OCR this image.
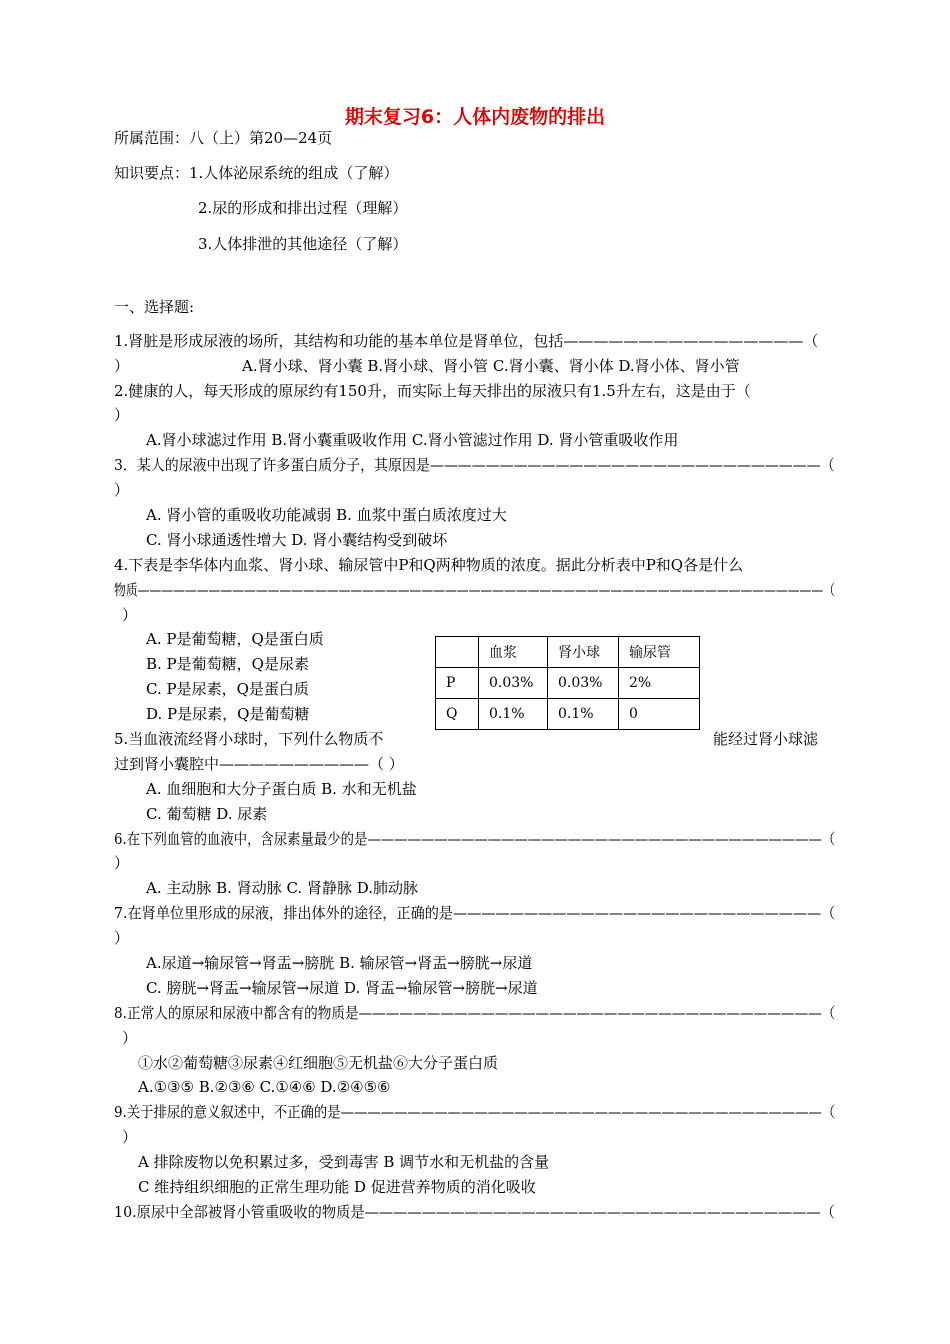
期末复习6：人体内废物的排出
所属范围：八（上）第20—24页
知识要点：1.人体泌尿系统的组成（了解）
2.尿的形成和排出过程（理解）
3.人体排泄的其他途径（了解）
一、选择题:
1.肾脏是形成尿液的场所，其结构和功能的基本单位是肾单位，包括————————————————（
）	A.肾小球、肾小囊 B.肾小球、肾小管 C.肾小囊、肾小体 D.肾小体、肾小管
2.健康的人，每天形成的原尿约有150升，而实际上每天排出的尿液只有1.5升左右，这是由于（
）
A.肾小球滤过作用 B.肾小囊重吸收作用 C.肾小管滤过作用 D. 肾小管重吸收作用
3．某人的尿液中出现了许多蛋白质分子，其原因是————————————————————————————（
）
A. 肾小管的重吸收功能减弱 B. 血浆中蛋白质浓度过大
C. 肾小球通透性增大 D. 肾小囊结构受到破坏
4.下表是李华体内血浆、肾小球、输尿管中P和Q两种物质的浓度。据此分析表中P和Q各是什么
物质——————————————————————————————————————————————————————————（
）
A. P是葡萄糖，Q是蛋白质
B. P是葡萄糖，Q是尿素
C. P是尿素，Q是蛋白质
D. P是尿素，Q是葡萄糖
	血浆	肾小球	输尿管
P	0.03%	0.03%	2%
Q	0.1%	0.1%	0
5.当血液流经肾小球时，下列什么物质不	能经过肾小球滤
过到肾小囊腔中——————————（ ）
A. 血细胞和大分子蛋白质 B. 水和无机盐
C. 葡萄糖 D. 尿素
6.在下列血管的血液中，含尿素量最少的是——————————————————————————————————（
）
A. 主动脉 B. 肾动脉 C. 肾静脉 D.肺动脉
7.在肾单位里形成的尿液，排出体外的途径，正确的是——————————————————————————（
）
A.尿道→输尿管→肾盂→膀胱 B. 输尿管→肾盂→膀胱→尿道
C. 膀胱→肾盂→输尿管→尿道 D. 肾盂→输尿管→膀胱→尿道
8.正常人的原尿和尿液中都含有的物质是——————————————————————————————————（
）
①水②葡萄糖③尿素④红细胞⑤无机盐⑥大分子蛋白质
A.①③⑤ B.②③⑥ C.①④⑥ D.②④⑤⑥
9.关于排尿的意义叙述中，不正确的是————————————————————————————————————（
）
A 排除废物以免积累过多，受到毒害 B 调节水和无机盐的含量
C 维持组织细胞的正常生理功能 D 促进营养物质的消化吸收
10.原尿中全部被肾小管重吸收的物质是————————————————————————————————（
